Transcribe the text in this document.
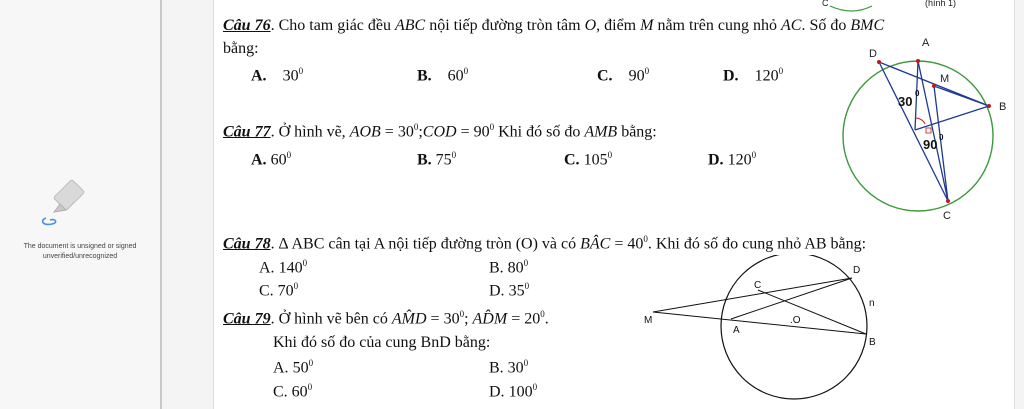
The document is unsigned or signed
unverified/unrecognized
Câu 76. Cho tam giác đều ABC nội tiếp đường tròn tâm O, điểm M nằm trên cung nhỏ AC. Số đo BMC
bằng:
A. $30^0$	B. $60^0$	C. $90^0$	D. $120^0$
Câu 77. Ở hình vẽ, AOB = $30^0;COD = 90^0$ Khi đó số đo AMB bằng:
A. $60^0$	B. $75^0$	C. $105^0$	D. $120^0$
(hình 1)
C
A
D
M
B
C
30
0
90 0
Câu 78. ∆ ABC cân tại A nội tiếp đường tròn (O) và có BÂC = $40^0$. Khi đó số đo cung nhỏ AB bằng:
A. $140^0$	B. $80^0$
C. $70^0$	D. $35^0$
Câu 79. Ở hình vẽ bên có AM̂D = $30^0$; AD̂M = $20^0$.
Khi đó số đo của cung BnD bằng:
A. $50^0$	B. $30^0$
C. $60^0$	D. $100^0$
D
C
n
M	.O
A
B
